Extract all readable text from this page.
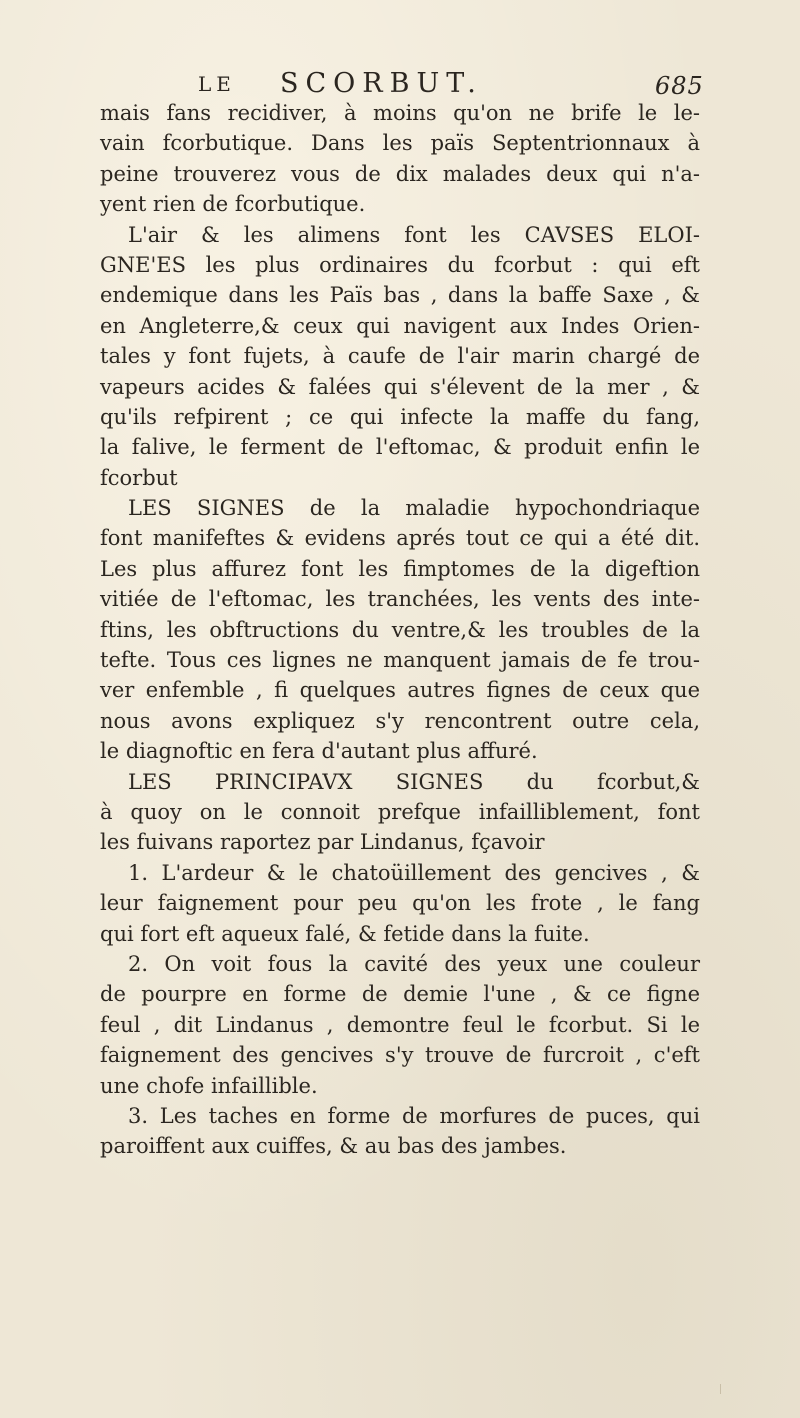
LE SCORBUT.	685
mais fans recidiver, à moins qu'on ne brife le le-
vain fcorbutique. Dans les païs Septentrionnaux à
peine trouverez vous de dix malades deux qui n'a-
yent rien de fcorbutique.
L'air & les alimens font les CAVSES ELOI-
GNE'ES les plus ordinaires du fcorbut : qui eft
endemique dans les Païs bas , dans la baffe Saxe , &
en Angleterre,& ceux qui navigent aux Indes Orien-
tales y font fujets, à caufe de l'air marin chargé de
vapeurs acides & falées qui s'élevent de la mer , &
qu'ils refpirent ; ce qui infecte la maffe du fang,
la falive, le ferment de l'eftomac, & produit enfin le
fcorbut
LES SIGNES de la maladie hypochondriaque
font manifeftes & evidens aprés tout ce qui a été dit.
Les plus affurez font les fimptomes de la digeftion
vitiée de l'eftomac, les tranchées, les vents des inte-
ftins, les obftructions du ventre,& les troubles de la
tefte. Tous ces lignes ne manquent jamais de fe trou-
ver enfemble , fi quelques autres fignes de ceux que
nous avons expliquez s'y rencontrent outre cela,
le diagnoftic en fera d'autant plus affuré.
LES PRINCIPAVX SIGNES du fcorbut,&
à quoy on le connoit prefque infailliblement, font
les fuivans raportez par Lindanus, fçavoir
1. L'ardeur & le chatoüillement des gencives , &
leur faignement pour peu qu'on les frote , le fang
qui fort eft aqueux falé, & fetide dans la fuite.
2. On voit fous la cavité des yeux une couleur
de pourpre en forme de demie l'une , & ce figne
feul , dit Lindanus , demontre feul le fcorbut. Si le
faignement des gencives s'y trouve de furcroit , c'eft
une chofe infaillible.
3. Les taches en forme de morfures de puces, qui
paroiffent aux cuiffes, & au bas des jambes.
